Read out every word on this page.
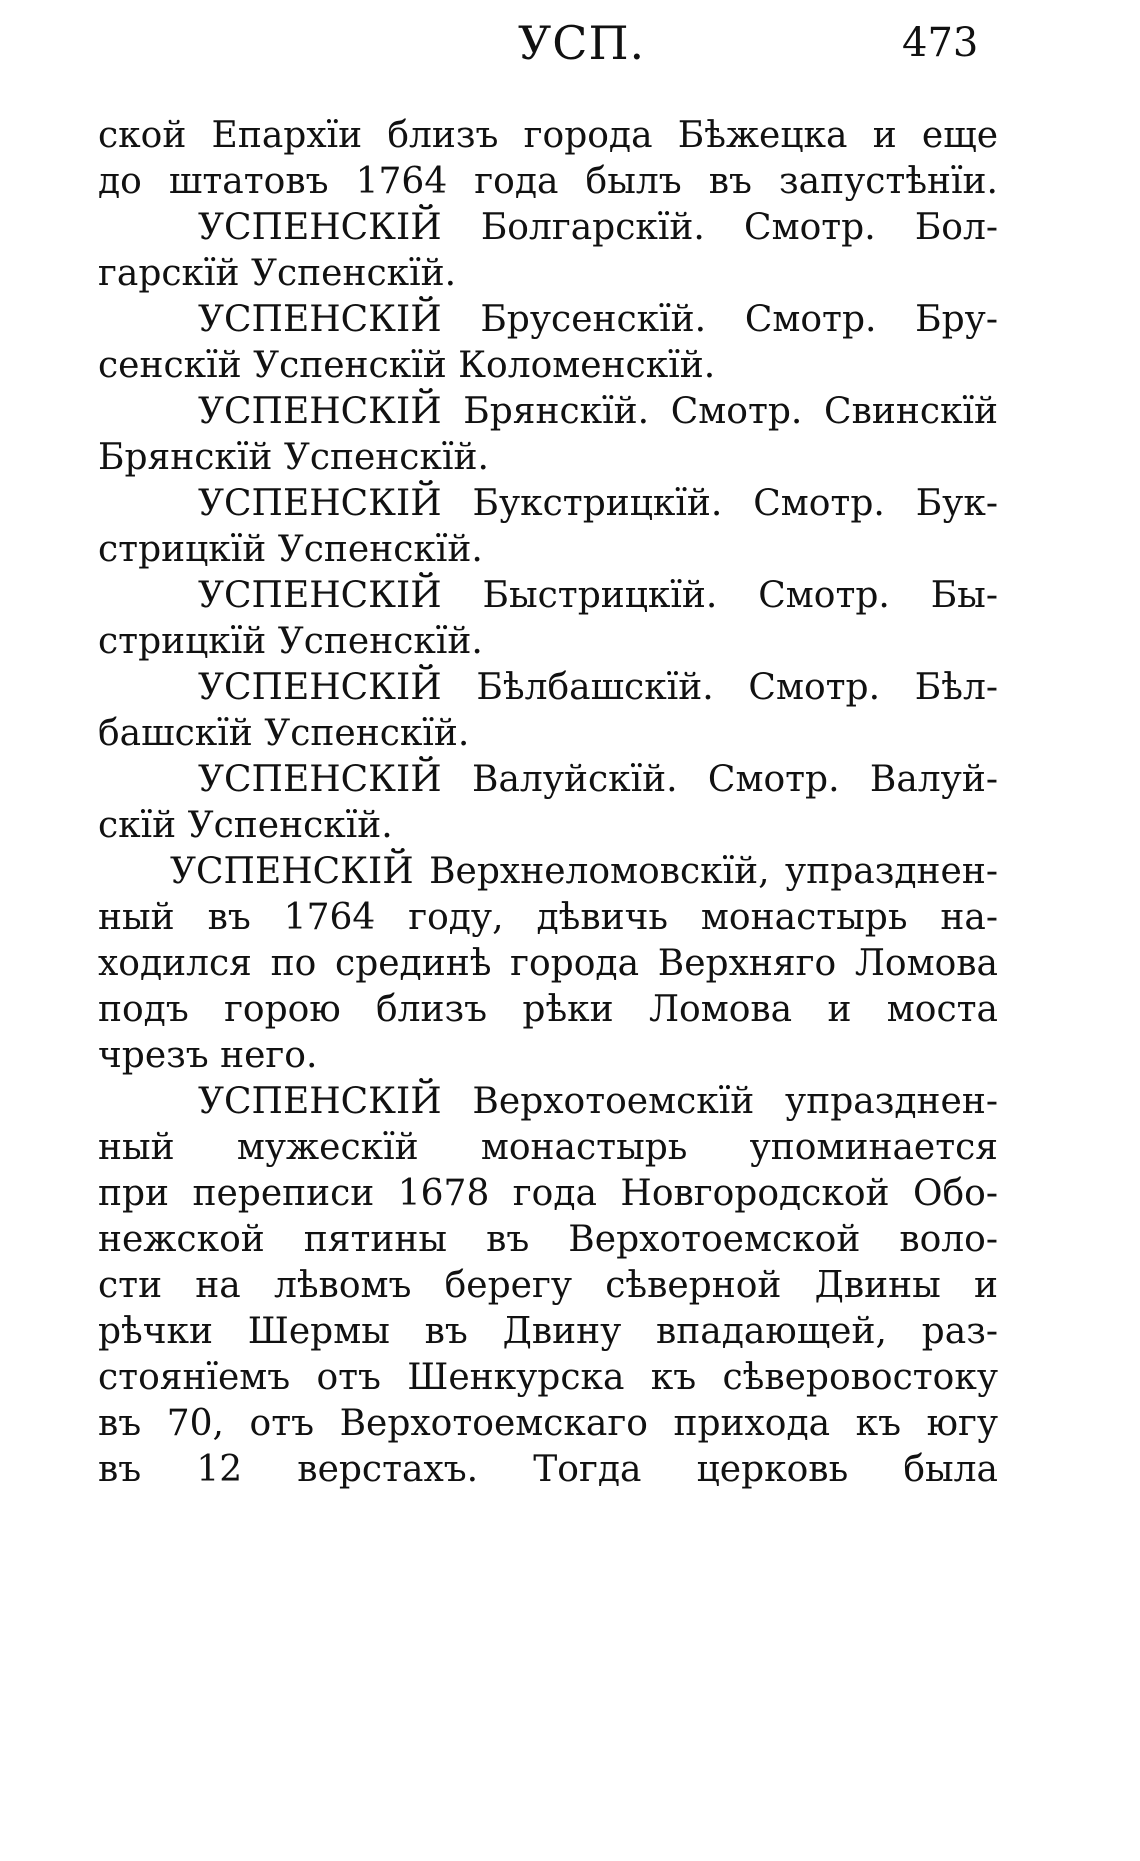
УСП.	473
ской Епархїи близъ города Бѣжецка и еще
до штатовъ 1764 года былъ въ запустѣнїи.
УСПЕНСКIЙ Болгарскїй. Смотр. Бол-
гарскїй Успенскїй.
УСПЕНСКIЙ Брусенскїй. Смотр. Бру-
сенскїй Успенскїй Коломенскїй.
УСПЕНСКIЙ Брянскїй. Смотр. Свинскїй
Брянскїй Успенскїй.
УСПЕНСКIЙ Букстрицкїй. Смотр. Бук-
стрицкїй Успенскїй.
УСПЕНСКIЙ Быстрицкїй. Смотр. Бы-
стрицкїй Успенскїй.
УСПЕНСКIЙ Бѣлбашскїй. Смотр. Бѣл-
башскїй Успенскїй.
УСПЕНСКIЙ Валуйскїй. Смотр. Валуй-
скїй Успенскїй.
УСПЕНСКIЙ Верхнеломовскїй, упразднен-
ный въ 1764 году, дѣвичь монастырь на-
ходился по срединѣ города Верхняго Ломова
подъ горою близъ рѣки Ломова и моста
чрезъ него.
УСПЕНСКIЙ Верхотоемскїй упразднен-
ный мужескїй монастырь упоминается
при переписи 1678 года Новгородской Обо-
нежской пятины въ Верхотоемской воло-
сти на лѣвомъ берегу сѣверной Двины и
рѣчки Шермы въ Двину впадающей, раз-
стоянїемъ отъ Шенкурска къ сѣверовостоку
въ 70, отъ Верхотоемскаго прихода къ югу
въ 12 верстахъ. Тогда церковь была
